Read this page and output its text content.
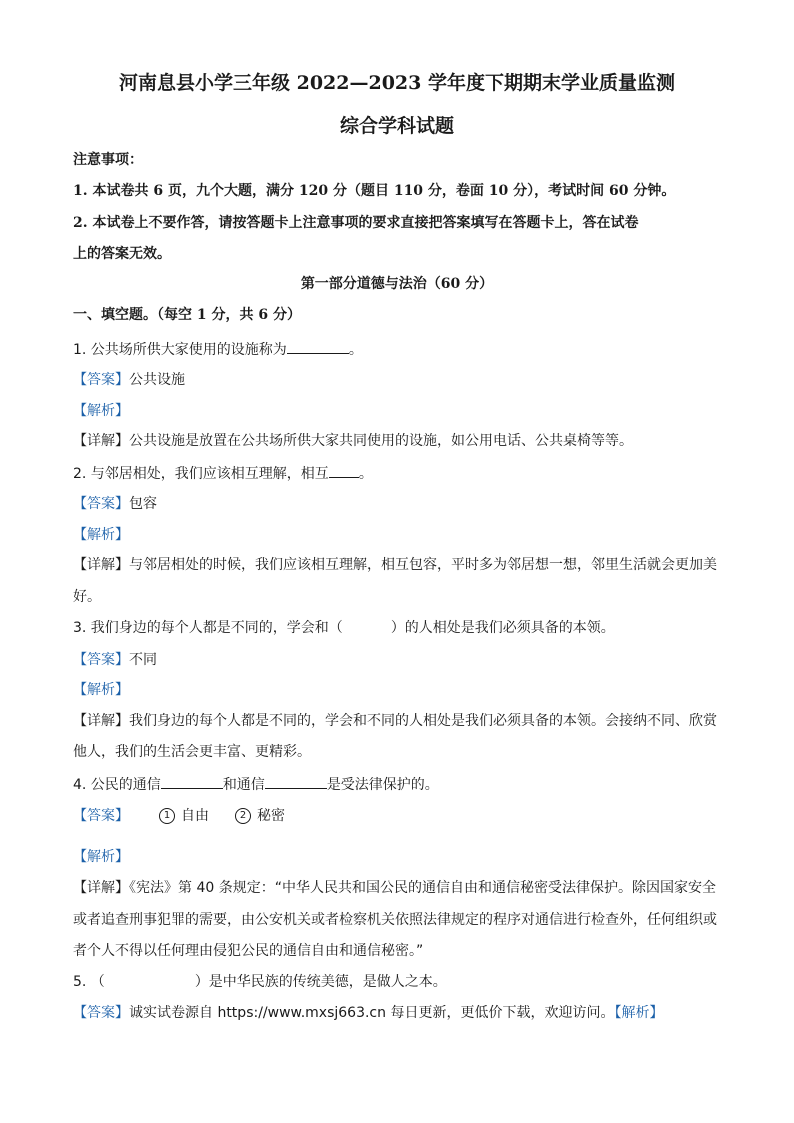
河南息县小学三年级 2022—2023 学年度下期期末学业质量监测
综合学科试题
注意事项：
1. 本试卷共 6 页，九个大题，满分 120 分（题目 110 分，卷面 10 分），考试时间 60 分钟。
2. 本试卷上不要作答，请按答题卡上注意事项的要求直接把答案填写在答题卡上，答在试卷
上的答案无效。
第一部分道德与法治（60 分）
一、填空题。（每空 1 分，共 6 分）
1. 公共场所供大家使用的设施称为	。
【答案】公共设施
【解析】
【详解】公共设施是放置在公共场所供大家共同使用的设施，如公用电话、公共桌椅等等。
2. 与邻居相处，我们应该相互理解，相互 。
【答案】包容
【解析】
【详解】与邻居相处的时候，我们应该相互理解，相互包容，平时多为邻居想一想，邻里生活就会更加美
好。
3. 我们身边的每个人都是不同的，学会和（	）的人相处是我们必须具备的本领。
【答案】不同
【解析】
【详解】我们身边的每个人都是不同的，学会和不同的人相处是我们必须具备的本领。会接纳不同、欣赏
他人，我们的生活会更丰富、更精彩。
4. 公民的通信	和通信	是受法律保护的。
【答案】	1 自由	2 秘密
【解析】
【详解】《宪法》第 40 条规定：“中华人民共和国公民的通信自由和通信秘密受法律保护。除因国家安全
或者追查刑事犯罪的需要，由公安机关或者检察机关依照法律规定的程序对通信进行检查外，任何组织或
者个人不得以任何理由侵犯公民的通信自由和通信秘密。”
5. （	）是中华民族的传统美德，是做人之本。
【答案】诚实试卷源自 https://www.mxsj663.cn 每日更新，更低价下载，欢迎访问。【解析】
